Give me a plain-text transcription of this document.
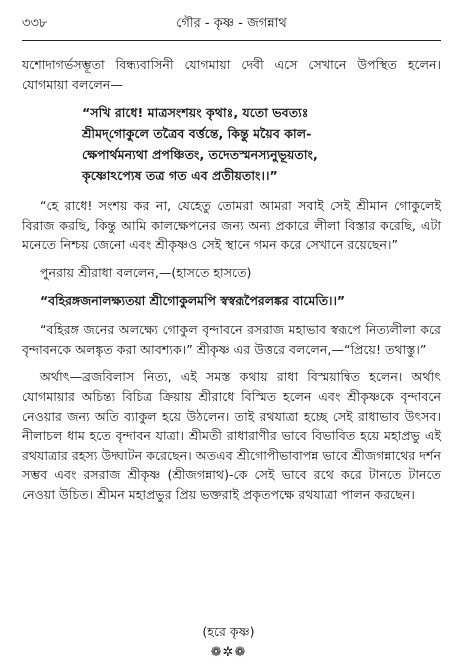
৩৩৮	গৌর - কৃষ্ণ - জগন্নাথ

যশোদাগর্ভসম্ভূতা বিন্ধ্যবাসিনী যোগমায়া দেবী এসে সেখানে উপস্থিত হলেন। যোগমায়া বললেন—

“সখি রাধে! মাত্রসংশয়ং কৃথাঃ, যতো ভবত্যঃ
শ্রীমদ্‌গোকুলে তত্রৈব বর্ত্তন্তে, কিন্তু ময়ৈব কাল-
ক্ষেপার্থমন্যথা প্রপঞ্চিতং, তদেতস্মনস্যনুভূয়তাং,
কৃষ্ণোঽপ্যেষ তত্র গত এব প্রতীয়তাং।।”

“হে রাধে! সংশয় কর না, যেহেতু তোমরা আমরা সবাই সেই শ্রীমান গোকুলেই বিরাজ করছি, কিন্তু আমি কালক্ষেপনের জন্য অন্য প্রকারে লীলা বিস্তার করেছি, এটা মনেতে নিশ্চয় জেনো এবং শ্রীকৃষ্ণও সেই স্থানে গমন করে সেখানে রয়েছেন।”

পুনরায় শ্রীরাধা বললেন,—(হাসতে হাসতে)

“বহিরঙ্গজনালক্ষ্যতয়া শ্রীগোকুলমপি স্বস্বরূপৈরলঙ্কর বামেতি।।”

“বহিরঙ্গ জনের অলক্ষ্যে গোকুল বৃন্দাবনে রসরাজ মহাভাব স্বরূপে নিত্যলীলা করে বৃন্দাবনকে অলঙ্কৃত করা আবশ্যক।” শ্রীকৃষ্ণ এর উত্তরে বললেন,—“প্রিয়ে! তথাস্তু।”

অর্থাৎ—ব্রজবিলাস নিত্য, এই সমস্ত কথায় রাধা বিস্ময়ান্বিত হলেন। অর্থাৎ যোগমায়ার অচিন্ত্য বিচিত্র ক্রিয়ায় শ্রীরাধে বিস্মিত হলেন এবং শ্রীকৃষ্ণকে বৃন্দাবনে নেওয়ার জন্য অতি ব্যাকুল হয়ে উঠলেন। তাই রথযাত্রা হচ্ছে সেই রাধাভাব উৎসব। নীলাচল ধাম হতে বৃন্দাবন যাত্রা। শ্রীমতী রাধারাণীর ভাবে বিভাবিত হয়ে মহাপ্রভু এই রথযাত্রার রহস্য উদ্ঘাটন করেছেন। অতএব শ্রীগোপীভাবাপন্ন ভাবে শ্রীজগন্নাথের দর্শন সম্ভব এবং রসরাজ শ্রীকৃষ্ণ (শ্রীজগন্নাথ)-কে সেই ভাবে রথে করে টানতে টানতে নেওয়া উচিত। শ্রীমন মহাপ্রভুর প্রিয় ভক্তরাই প্রকৃতপক্ষে রথযাত্রা পালন করছেন।

(হরে কৃষ্ণ)
❁✲❁
